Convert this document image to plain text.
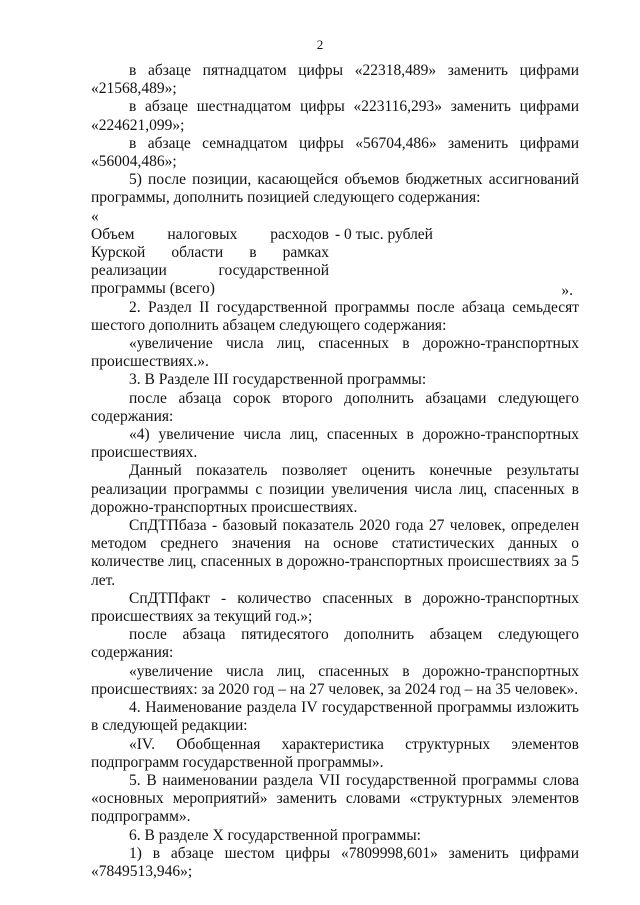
2

в абзаце пятнадцатом цифры «22318,489» заменить цифрами «21568,489»;

в абзаце шестнадцатом цифры «223116,293» заменить цифрами «224621,099»;

в абзаце семнадцатом цифры «56704,486» заменить цифрами «56004,486»;

5) после позиции, касающейся объемов бюджетных ассигнований программы, дополнить позицией следующего содержания:

«
Объем налоговых расходов Курской области в рамках реализации государственной программы (всего)
- 0 тыс. рублей
».

2. Раздел II государственной программы после абзаца семьдесят шестого дополнить абзацем следующего содержания:

«увеличение числа лиц, спасенных в дорожно-транспортных происшествиях.».

3. В Разделе III государственной программы:

после абзаца сорок второго дополнить абзацами следующего содержания:

«4) увеличение числа лиц, спасенных в дорожно-транспортных происшествиях.

Данный показатель позволяет оценить конечные результаты реализации программы с позиции увеличения числа лиц, спасенных в дорожно-транспортных происшествиях.

СпДТПбаза - базовый показатель 2020 года 27 человек, определен методом среднего значения на основе статистических данных о количестве лиц, спасенных в дорожно-транспортных происшествиях за 5 лет.

СпДТПфакт - количество спасенных в дорожно-транспортных происшествиях за текущий год.»;

после абзаца пятидесятого дополнить абзацем следующего содержания:

«увеличение числа лиц, спасенных в дорожно-транспортных происшествиях: за 2020 год – на 27 человек, за 2024 год – на 35 человек».

4. Наименование раздела IV государственной программы изложить в следующей редакции:

«IV. Обобщенная характеристика структурных элементов подпрограмм государственной программы».

5. В наименовании раздела VII государственной программы слова «основных мероприятий» заменить словами «структурных элементов подпрограмм».

6. В разделе X государственной программы:

1) в абзаце шестом цифры «7809998,601» заменить цифрами «7849513,946»;
